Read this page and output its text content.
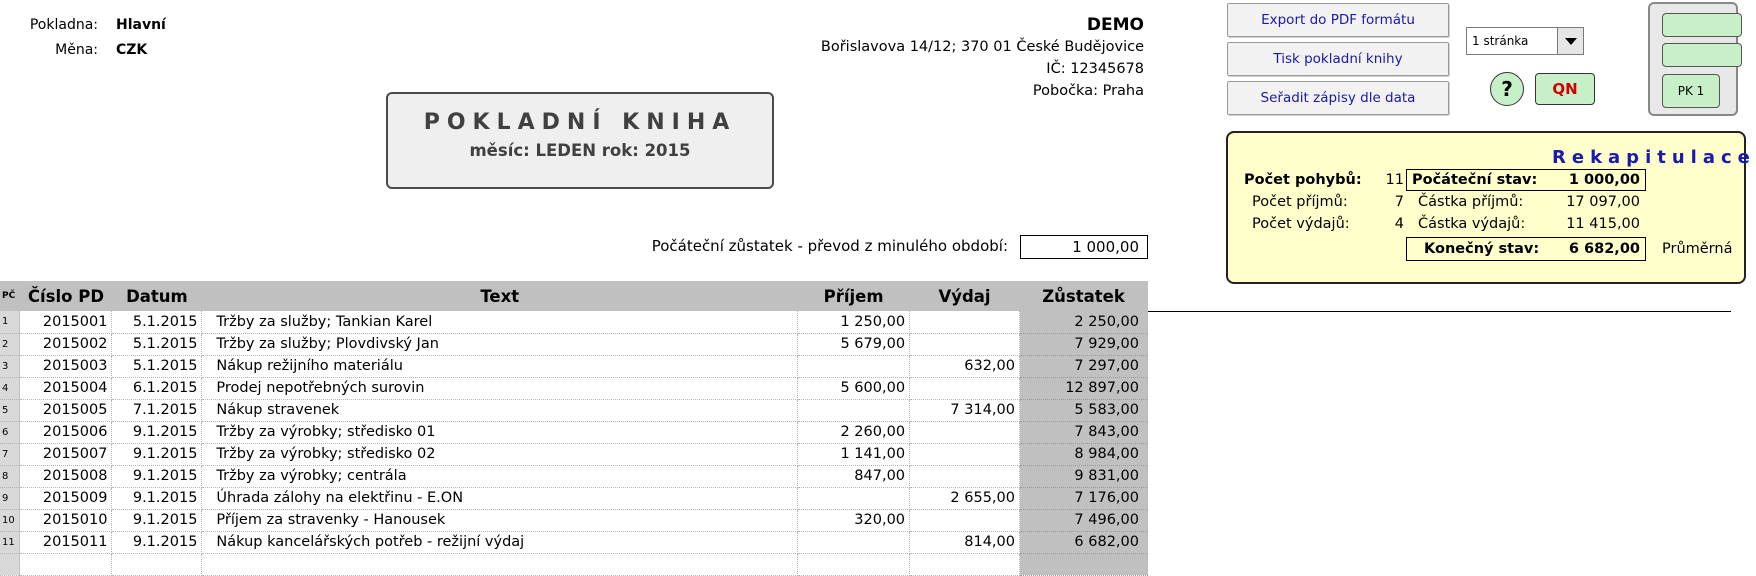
Pokladna: Hlavní
Měna: CZK
DEMO
Bořislavova 14/12; 370 01 České Budějovice
IČ: 12345678
Pobočka: Praha
POKLADNÍ KNIHA
měsíc: LEDEN rok: 2015
Počáteční zůstatek - převod z minulého období:	1 000,00
PČ	Číslo PD	Datum	Text	Příjem	Výdaj	Zůstatek
1	2015001	5.1.2015	Tržby za služby; Tankian Karel	1 250,00		2 250,00
2	2015002	5.1.2015	Tržby za služby; Plovdivský Jan	5 679,00		7 929,00
3	2015003	5.1.2015	Nákup režijního materiálu		632,00	7 297,00
4	2015004	6.1.2015	Prodej nepotřebných surovin	5 600,00		12 897,00
5	2015005	7.1.2015	Nákup stravenek		7 314,00	5 583,00
6	2015006	9.1.2015	Tržby za výrobky; středisko 01	2 260,00		7 843,00
7	2015007	9.1.2015	Tržby za výrobky; středisko 02	1 141,00		8 984,00
8	2015008	9.1.2015	Tržby za výrobky; centrála	847,00		9 831,00
9	2015009	9.1.2015	Úhrada zálohy na elektřinu - E.ON		2 655,00	7 176,00
10	2015010	9.1.2015	Příjem za stravenky - Hanousek	320,00		7 496,00
11	2015011	9.1.2015	Nákup kancelářských potřeb - režijní výdaj		814,00	6 682,00

Export do PDF formátu
Tisk pokladní knihy
Seřadit zápisy dle data
1 stránka
?	QN	PK 1
Rekapitulace
Počet pohybů:	11
Počet příjmů:	7
Počet výdajů:	4
Počáteční stav:	1 000,00
Částka příjmů:	17 097,00
Částka výdajů:	11 415,00
Konečný stav:	6 682,00 Průměrná
